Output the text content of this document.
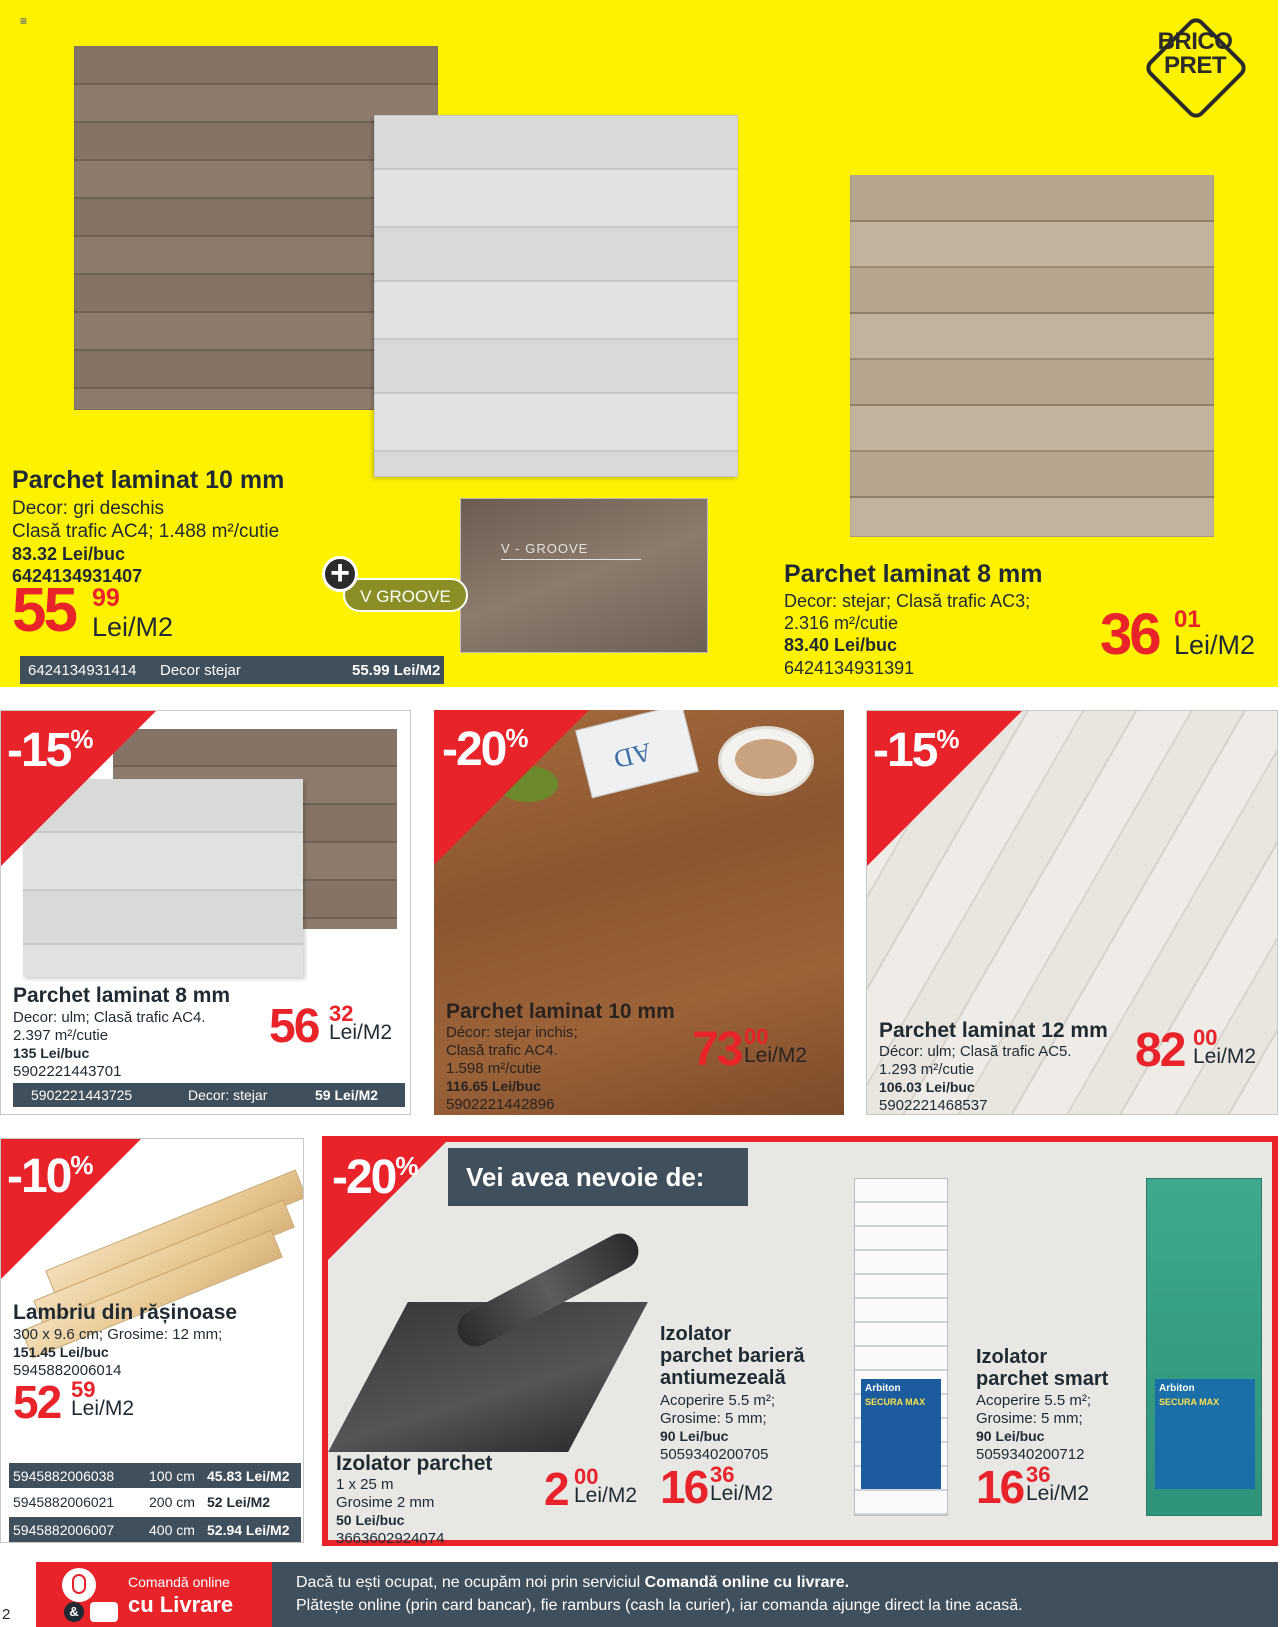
≡
BRICO
PRET
Parchet laminat 10 mm
Decor: gri deschis
Clasă trafic AC4; 1.488 m²/cutie
83.32 Lei/buc
6424134931407
55 99
Lei/M2
6424134931414 Decor stejar	55.99 Lei/M2
V - GROOVE
V GROOVE
+	Parchet laminat 8 mm
Decor: stejar; Clasă trafic AC3;
2.316 m²/cutie
83.40 Lei/buc
6424134931391
36 01
Lei/M2
-15%
Parchet laminat 8 mm
Decor: ulm; Clasă trafic AC4.
2.397 m²/cutie
135 Lei/buc
5902221443701
56 32
Lei/M2
5902221443725	Decor: stejar	59 Lei/M2
AD
-20%
Parchet laminat 10 mm
Décor: stejar inchis;
Clasă trafic AC4.
1.598 m²/cutie
116.65 Lei/buc
5902221442896
73 00
Lei/M2
-15%
Parchet laminat 12 mm
Décor: ulm; Clasă trafic AC5.
1.293 m²/cutie
106.03 Lei/buc
5902221468537
82 00
Lei/M2
-10%
Lambriu din rășinoase
300 x 9.6 cm; Grosime: 12 mm;
151.45 Lei/buc
5945882006014
52 59
Lei/M2
5945882006038 100 cm 45.83 Lei/M2
5945882006021 200 cm 52 Lei/M2
5945882006007 400 cm 52.94 Lei/M2
-20%	Vei avea nevoie de:
Izolator parchet
1 x 25 m
Grosime 2 mm
50 Lei/buc
3663602924074
2 00
Lei/M2
Arbiton
SECURA MAX
Izolator
parchet barieră
antiumezeală
Acoperire 5.5 m²;
Grosime: 5 mm;
90 Lei/buc
5059340200705
16 36
Lei/M2
Arbiton
SECURA MAX
Izolator
parchet smart
Acoperire 5.5 m²;
Grosime: 5 mm;
90 Lei/buc
5059340200712
16 36
Lei/M2
2	&
Comandă online
cu Livrare
Dacă tu ești ocupat, ne ocupăm noi prin serviciul Comandă online cu livrare.
Plătește online (prin card bancar), fie ramburs (cash la curier), iar comanda ajunge direct la tine acasă.
